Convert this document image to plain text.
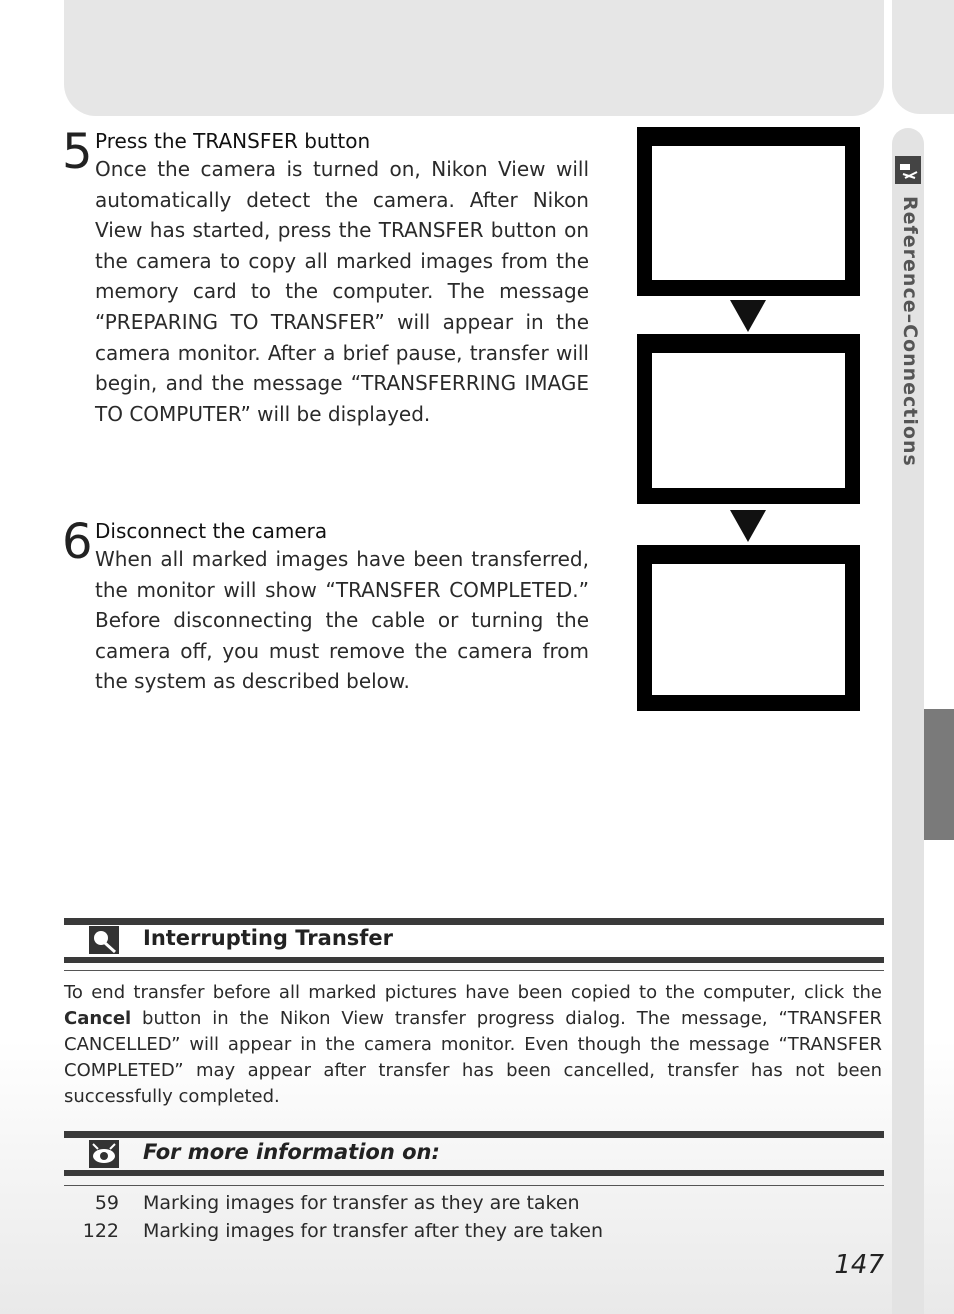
Reference–Connections
5 Press the TRANSFER button
Once the camera is turned on, Nikon View will automatically detect the camera. After Nikon View has started, press the TRANSFER button on the camera to copy all marked images from the memory card to the computer. The message “PREPARING TO TRANSFER” will appear in the camera monitor. After a brief pause, transfer will begin, and the message “TRANSFERRING IMAGE TO COMPUTER” will be displayed.
6 Disconnect the camera
When all marked images have been transferred, the monitor will show “TRANSFER COMPLETED.” Before disconnecting the cable or turning the camera off, you must remove the camera from the system as described below.
Interrupting Transfer
To end transfer before all marked pictures have been copied to the computer, click the Cancel button in the Nikon View transfer progress dialog. The message, “TRANSFER CANCELLED” will appear in the camera monitor. Even though the message “TRANSFER COMPLETED” may appear after transfer has been cancelled, transfer has not been successfully completed.
For more information on:
59 Marking images for transfer as they are taken
122 Marking images for transfer after they are taken
147
